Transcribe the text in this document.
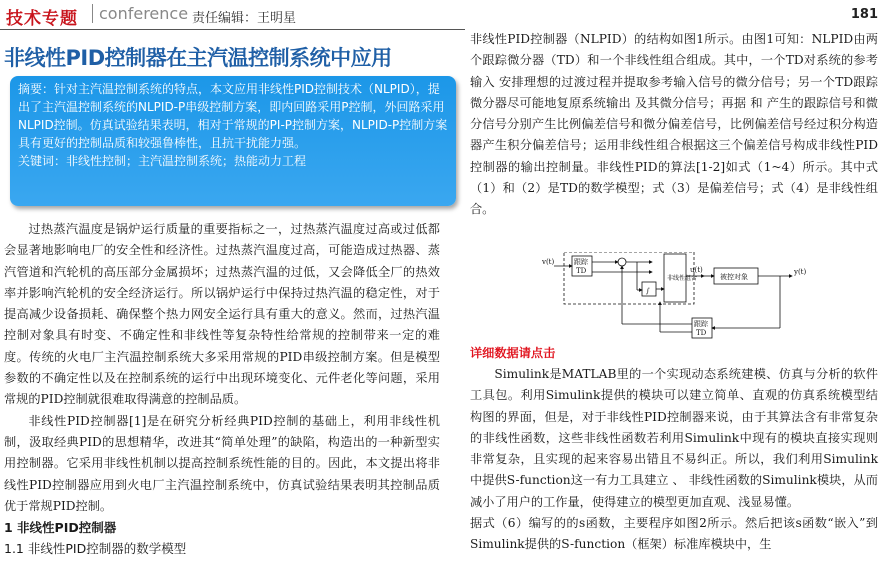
技术专题	conference 责任编辑：王明星	181
非线性PID控制器在主汽温控制系统中应用

摘要：针对主汽温控制系统的特点，本文应用非线性PID控制技术（NLPID），提出了主汽温控制系统的NLPID-P串级控制方案，即内回路采用P控制，外回路采用NLPID控制。仿真试验结果表明，相对于常规的PI-P控制方案，NLPID-P控制方案具有更好的控制品质和较强鲁棒性，且抗干扰能力强。

关键词：非线性控制；主汽温控制系统；热能动力工程

过热蒸汽温度是锅炉运行质量的重要指标之一，过热蒸汽温度过高或过低都会显著地影响电厂的安全性和经济性。过热蒸汽温度过高，可能造成过热器、蒸汽管道和汽轮机的高压部分金属损坏；过热蒸汽温的过低，又会降低全厂的热效率并影响汽轮机的安全经济运行。所以锅炉运行中保持过热汽温的稳定性，对于提高减少设备损耗、确保整个热力网安全运行具有重大的意义。然而，过热汽温控制对象具有时变、不确定性和非线性等复杂特性给常规的控制带来一定的难度。传统的火电厂主汽温控制系统大多采用常规的PID串级控制方案。但是模型参数的不确定性以及在控制系统的运行中出现环境变化、元件老化等问题，采用常规的PID控制就很难取得满意的控制品质。

非线性PID控制器[1]是在研究分析经典PID控制的基础上，利用非线性机制，汲取经典PID的思想精华，改进其“简单处理”的缺陷，构造出的一种新型实用控制器。它采用非线性机制以提高控制系统性能的目的。因此，本文提出将非线性PID控制器应用到火电厂主汽温控制系统中，仿真试验结果表明其控制品质优于常规PID控制。

1 非线性PID控制器

1.1 非线性PID控制器的数学模型

非线性PID控制器（NLPID）的结构如图1所示。由图1可知：NLPID由两个跟踪微分器（TD）和一个非线性组合组成。其中，一个TD对系统的参考输入 安排理想的过渡过程并提取参考输入信号的微分信号；另一个TD跟踪微分器尽可能地复原系统输出 及其微分信号；再据 和 产生的跟踪信号和微分信号分别产生比例偏差信号和微分偏差信号，比例偏差信号经过积分构造器产生积分偏差信号；运用非线性组合根据这三个偏差信号构成非线性PID控制器的输出控制量。非线性PID的算法[1-2]如式（1~4）所示。其中式（1）和（2）是TD的数学模型；式（3）是偏差信号；式（4）是非线性组合。

详细数据请点击

Simulink是MATLAB里的一个实现动态系统建模、仿真与分析的软件工具包。利用Simulink提供的模块可以建立简单、直观的仿真系统模型结构图的界面，但是，对于非线性PID控制器来说，由于其算法含有非常复杂的非线性函数，这些非线性函数若利用Simulink中现有的模块直接实现则非常复杂，且实现的起来容易出错且不易纠正。所以，我们利用Simulink中提供S-function这一有力工具建立 、 非线性函数的Simulink模块，从而减小了用户的工作量，使得建立的模型更加直观、浅显易懂。

据式（6）编写的的s函数，主要程序如图2所示。然后把该s函数“嵌入”到Simulink提供的S-function（框架）标准库模块中，生

v(t)	跟踪
TD
∫
非线性组合
u(t)
被控对象
y(t)
跟踪
TD
